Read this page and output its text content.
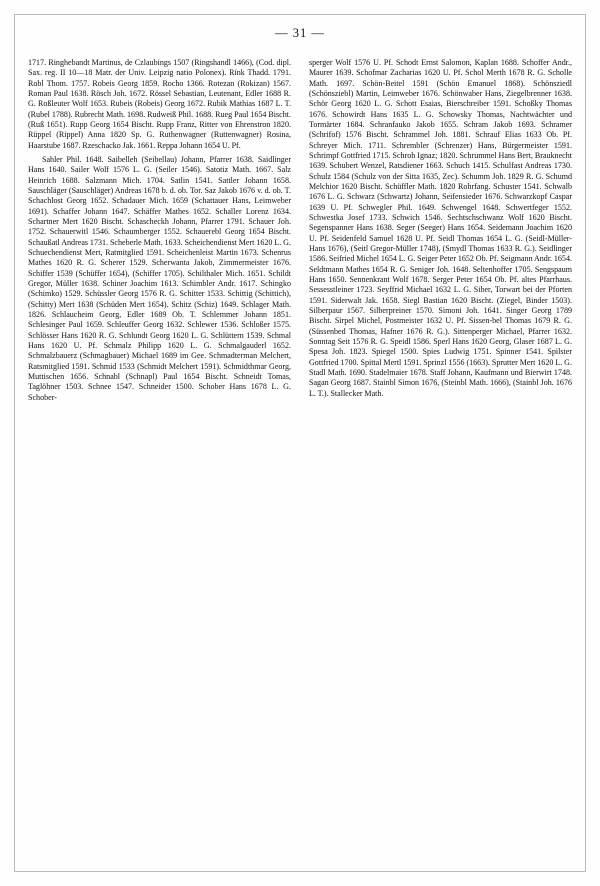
— 31 —

1717. Ringhebandt Martinus, de Czlaubings 1507 (Ringshandl 1466), (Cod. dipl. Sax. reg. II 10—18 Matr. der Univ. Leipzig natio Polonex). Rink Thadd. 1791. Robl Thom. 1757. Robeis Georg 1859. Rocho 1366. Rotezan (Rokizan) 1567. Roman Paul 1638. Rösch Joh. 1672. Rössel Sebastian, Leutenant, Edler 1688 R. G. Roßleuter Wolf 1653. Rubeis (Robeis) Georg 1672. Rubik Mathias 1687 L. T. (Rubel 1788). Rubrecht Math. 1698. Rudweiß Phil. 1688. Rueg Paul 1654 Bischt. (Ruß 1651). Rupp Georg 1654 Bischt. Rupp Franz, Ritter von Ehrenstron 1820. Rüppel (Rippel) Anna 1820 Sp. G. Ruthenwagner (Ruttenwagner) Rosina, Haarstube 1687. Rzeschacko Jak. 1661. Reppa Johann 1654 U. Pf.

Sahler Phil. 1648. Saibelleh (Seibellau) Johann, Pfarrer 1638. Saidlinger Hans 1640. Sailer Wolf 1576 L. G. (Seiler 1546). Satotiz Math. 1667. Salz Heinrich 1688. Salzmann Mich. 1704. Satlin 1541. Sattler Johann 1658. Sauschläger (Sauschläger) Andreas 1678 b. d. ob. Tor. Saz Jakob 1676 v. d. ob. T. Schachlost Georg 1652. Schadauer Mich. 1659 (Schattauer Hans, Leimweber 1691). Schaffer Johann 1647. Schäffer Mathes 1652. Schaller Lorenz 1634. Schartner Mert 1620 Bischt. Schascheckh Johann, Pfarrer 1791. Schauer Joh. 1752. Schauerwitl 1546. Schaumberger 1552. Schauerebl Georg 1654 Bischt. Schaußatl Andreas 1731. Scheberle Math. 1633. Scheichendienst Mert 1620 L. G. Schuechendienst Mert, Ratmitglied 1591. Scheichenleist Martin 1673. Schenrus Mathes 1620 R. G. Scherer 1529. Scherwanta Jakob, Zimmermeister 1676. Schiffer 1539 (Schüffer 1654), (Schiffer 1705). Schilthaler Mich. 1651. Schildt Gregor, Müller 1638. Schiner Joachim 1613. Schimbler Andr. 1617. Schingko (Schimko) 1529. Schüssler Georg 1576 R. G. Schitter 1533. Schittig (Schittich), (Schitty) Mert 1638 (Schüden Mert 1654). Schitz (Schiz) 1649. Schlager Math. 1826. Schlaucheim Georg, Edler 1689 Ob. T. Schlemmer Johann 1851. Schlesinger Paul 1659. Schleuffer Georg 1632. Schlewer 1536. Schloßer 1575. Schlösser Hans 1620 R. G. Schlundt Georg 1620 L. G. Schlüttern 1539. Schmal Hans 1620 U. Pf. Schmalz Philipp 1620 L. G. Schmalgauderl 1652. Schmalzbauerz (Schmagbauer) Michael 1689 im Gee. Schmadterman Melchert, Ratsmitglied 1591. Schmid 1533 (Schmidt Melchert 1591). Schmidthmar Georg, Muttischen 1656. Schnabl (Schnapl) Paul 1654 Bischt. Schneidt Tomas, Taglöhner 1503. Schnee 1547. Schneider 1500. Schober Hans 1678 L. G. Schober-

sperger Wolf 1576 U. Pf. Schodt Ernst Salomon, Kaplan 1688. Schoffer Andr., Maurer 1639. Schofmar Zacharias 1620 U. Pf. Schol Merth 1678 R. G. Scholle Math. 1697. Schön-Beitel 1591 (Schön Emanuel 1868). Schönsziedl (Schönsziebl) Martin, Leimweber 1676. Schönwaber Hans, Ziegelbrenner 1638. Schör Georg 1620 L. G. Schott Esaias, Bierschreiber 1591. Schoßky Thomas 1676. Schowirdt Hans 1635 L. G. Schowsky Thomas, Nachtwächter und Tormärter 1684. Schranfauko Jakob 1655. Schram Jakob 1693. Schramer (Schrifof) 1576 Bischt. Schrammel Joh. 1881. Schrauf Elias 1633 Ob. Pf. Schreyer Mich. 1711. Schrembler (Schrenzer) Hans, Bürgermeister 1591. Schrimpf Gottfried 1715. Schroh Ignaz; 1820. Schrummel Hans Bert, Brauknecht 1639. Schubert Wenzel, Ratsdiener 1663. Schuch 1415. Schulfast Andreas 1730. Schulz 1584 (Schulz von der Sitta 1635, Zec). Schumm Joh. 1829 R. G. Schumd Melchior 1620 Bischt. Schüffler Math. 1820 Rohrfang. Schuster 1541. Schwalb 1676 L. G. Schwarz (Schwartz) Johann, Seifensieder 1676. Schwarzkopf Caspar 1639 U. Pf. Schwegler Phil. 1649. Schwengel 1648. Schwertfeger 1552. Schwestka Josef 1733. Schwich 1546. Sechtschschwanz Wolf 1620 Bischt. Segenspanner Hans 1638. Seger (Seeger) Hans 1654. Seidemann Joachim 1620 U. Pf. Seidenfeld Samuel 1628 U. Pf. Seidl Thomas 1654 L. G. (Seidl-Müller-Hans 1676), (Seitl Gregor-Müller 1748), (Smydl Thomas 1633 R. G.). Seidlinger 1586. Seifried Michel 1654 L. G. Seiger Peter 1652 Ob. Pf. Seigmann Andr. 1654. Seldtmann Mathes 1654 R. G. Seniger Joh. 1648. Seltenhoffer 1705. Sengspaum Hans 1650. Sennenkrant Wolf 1678. Serger Peter 1654 Ob. Pf. altes Pfarrhaus. Sessesstleiner 1723. Seyffrid Michael 1632 L. G. Siber, Torwart bei der Pforten 1591. Siderwalt Jak. 1658. Siegl Bastian 1620 Bischt. (Ziegel, Binder 1503). Silberpaur 1567. Silberpreiner 1570. Simoni Joh. 1641. Singer Georg 1789 Bischt. Sirpel Michel, Postmeister 1632 U. Pf. Sissen-bel Thomas 1679 R. G. (Süssenbed Thomas, Hafner 1676 R. G.). Sittenperger Michael, Pfarrer 1632. Sonntag Seit 1576 R. G. Speidl 1586. Sperl Hans 1620 Georg, Glaser 1687 L. G. Spesa Joh. 1823. Spiegel 1500. Spies Ludwig 1751. Spinner 1541. Spilster Gottfried 1700. Spittal Mertl 1591. Sprinzl 1556 (1663). Sprutter Mert 1620 L. G. Stadl Math. 1690. Stadelmaier 1678. Staff Johann, Kaufmann und Bierwirt 1748. Sagan Georg 1687. Stainbl Simon 1676, (Steinbl Math. 1666), (Stainbl Joh. 1676 L. T.). Stallecker Math.
